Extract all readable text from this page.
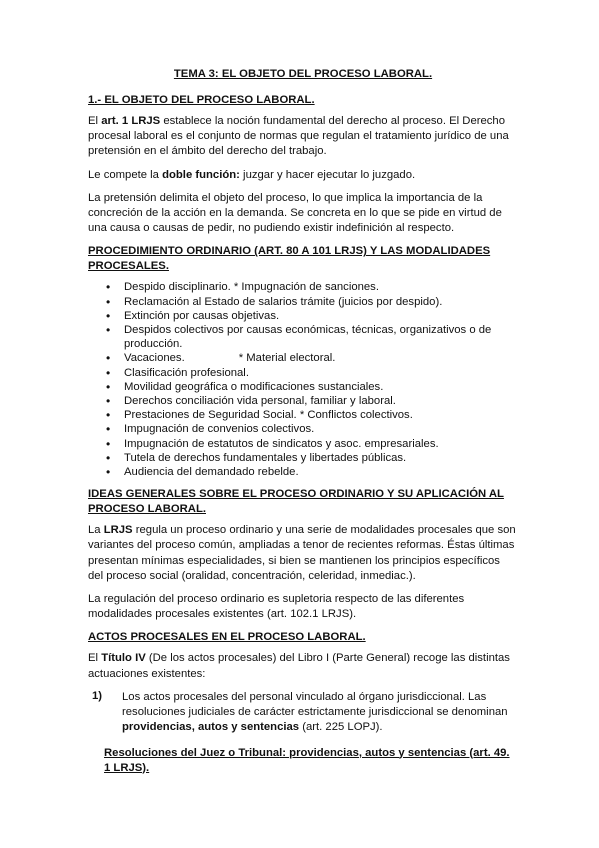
TEMA 3: EL OBJETO DEL PROCESO LABORAL.
1.- EL OBJETO DEL PROCESO LABORAL.

El art. 1 LRJS establece la noción fundamental del derecho al proceso. El Derecho procesal laboral es el conjunto de normas que regulan el tratamiento jurídico de una pretensión en el ámbito del derecho del trabajo.

Le compete la doble función: juzgar y hacer ejecutar lo juzgado.

La pretensión delimita el objeto del proceso, lo que implica la importancia de la concreción de la acción en la demanda. Se concreta en lo que se pide en virtud de una causa o causas de pedir, no pudiendo existir indefinición al respecto.

PROCEDIMIENTO ORDINARIO (ART. 80 A 101 LRJS) Y LAS MODALIDADES PROCESALES.
• Despido disciplinario. * Impugnación de sanciones.
• Reclamación al Estado de salarios trámite (juicios por despido).
• Extinción por causas objetivas.
• Despidos colectivos por causas económicas, técnicas, organizativos o de producción.
• Vacaciones.	* Material electoral.
• Clasificación profesional.
• Movilidad geográfica o modificaciones sustanciales.
• Derechos conciliación vida personal, familiar y laboral.
• Prestaciones de Seguridad Social. * Conflictos colectivos.
• Impugnación de convenios colectivos.
• Impugnación de estatutos de sindicatos y asoc. empresariales.
• Tutela de derechos fundamentales y libertades públicas.
• Audiencia del demandado rebelde.
IDEAS GENERALES SOBRE EL PROCESO ORDINARIO Y SU APLICACIÓN AL PROCESO LABORAL.

La LRJS regula un proceso ordinario y una serie de modalidades procesales que son variantes del proceso común, ampliadas a tenor de recientes reformas. Éstas últimas presentan mínimas especialidades, si bien se mantienen los principios específicos del proceso social (oralidad, concentración, celeridad, inmediac.).

La regulación del proceso ordinario es supletoria respecto de las diferentes modalidades procesales existentes (art. 102.1 LRJS).

ACTOS PROCESALES EN EL PROCESO LABORAL.

El Título IV (De los actos procesales) del Libro I (Parte General) recoge las distintas actuaciones existentes:

1)	Los actos procesales del personal vinculado al órgano jurisdiccional. Las resoluciones judiciales de carácter estrictamente jurisdiccional se denominan providencias, autos y sentencias (art. 225 LOPJ).
Resoluciones del Juez o Tribunal: providencias, autos y sentencias (art. 49. 1 LRJS).
